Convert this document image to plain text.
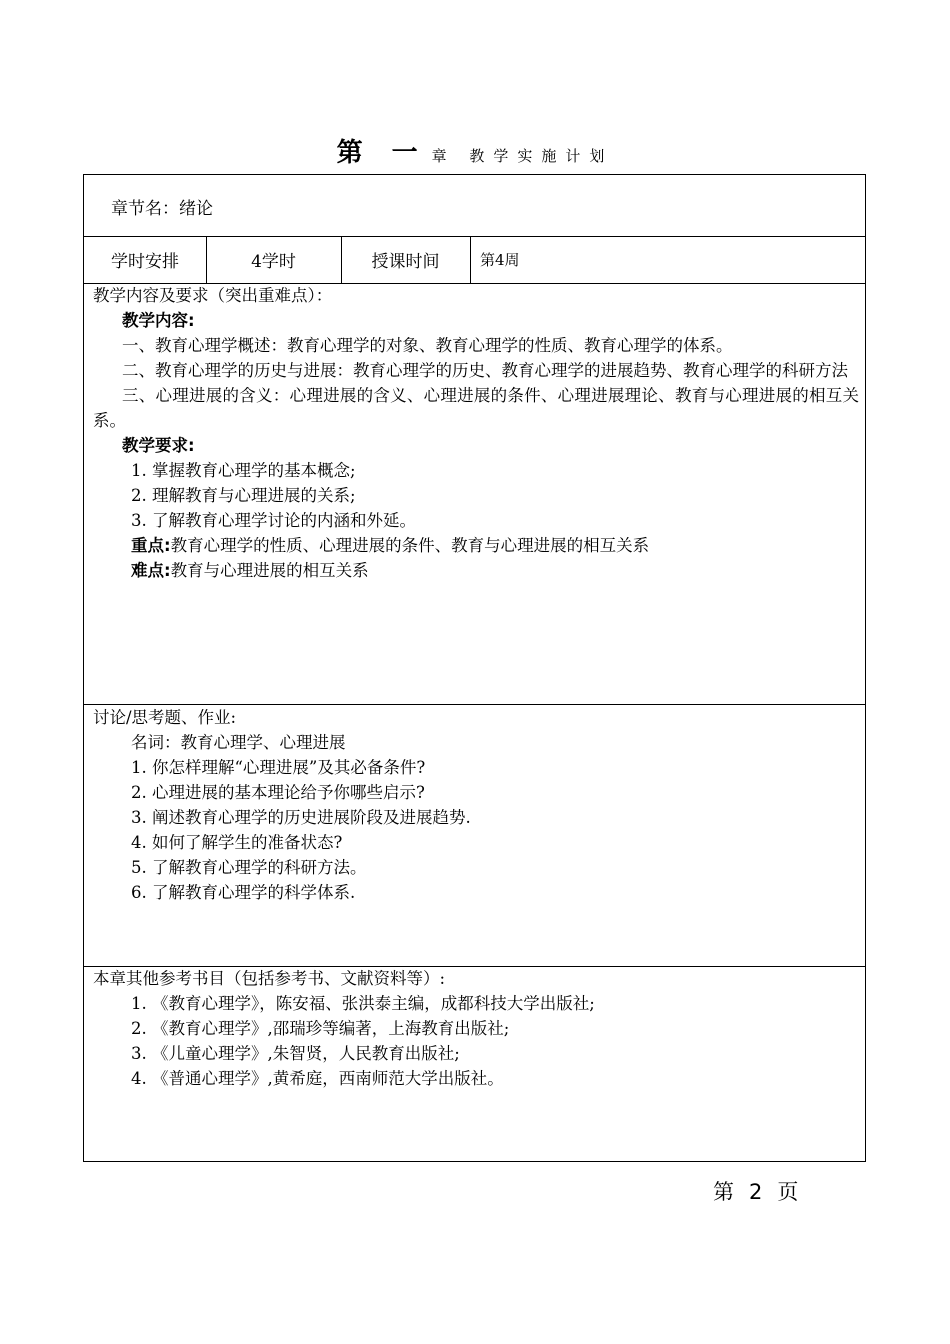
第 一 章 教学实施计划
章节名：绪论
学时安排	4学时	授课时间	第4周
教学内容及要求（突出重难点）：
教学内容:
一、教育心理学概述：教育心理学的对象、教育心理学的性质、教育心理学的体系。
二、教育心理学的历史与进展：教育心理学的历史、教育心理学的进展趋势、教育心理学的科研方法
三、心理进展的含义：心理进展的含义、心理进展的条件、心理进展理论、教育与心理进展的相互关系。
教学要求:
1. 掌握教育心理学的基本概念;
2. 理解教育与心理进展的关系;
3. 了解教育心理学讨论的内涵和外延。
重点:教育心理学的性质、心理进展的条件、教育与心理进展的相互关系
难点:教育与心理进展的相互关系
讨论/思考题、作业:
名词：教育心理学、心理进展
1. 你怎样理解“心理进展”及其必备条件?
2. 心理进展的基本理论给予你哪些启示?
3. 阐述教育心理学的历史进展阶段及进展趋势.
4. 如何了解学生的准备状态?
5. 了解教育心理学的科研方法。
6. 了解教育心理学的科学体系.
本章其他参考书目（包括参考书、文献资料等）:
1. 《教育心理学》，陈安福、张洪泰主编，成都科技大学出版社;
2. 《教育心理学》,邵瑞珍等编著，上海教育出版社;
3. 《儿童心理学》,朱智贤，人民教育出版社;
4. 《普通心理学》,黄希庭，西南师范大学出版社。
第 2 页
